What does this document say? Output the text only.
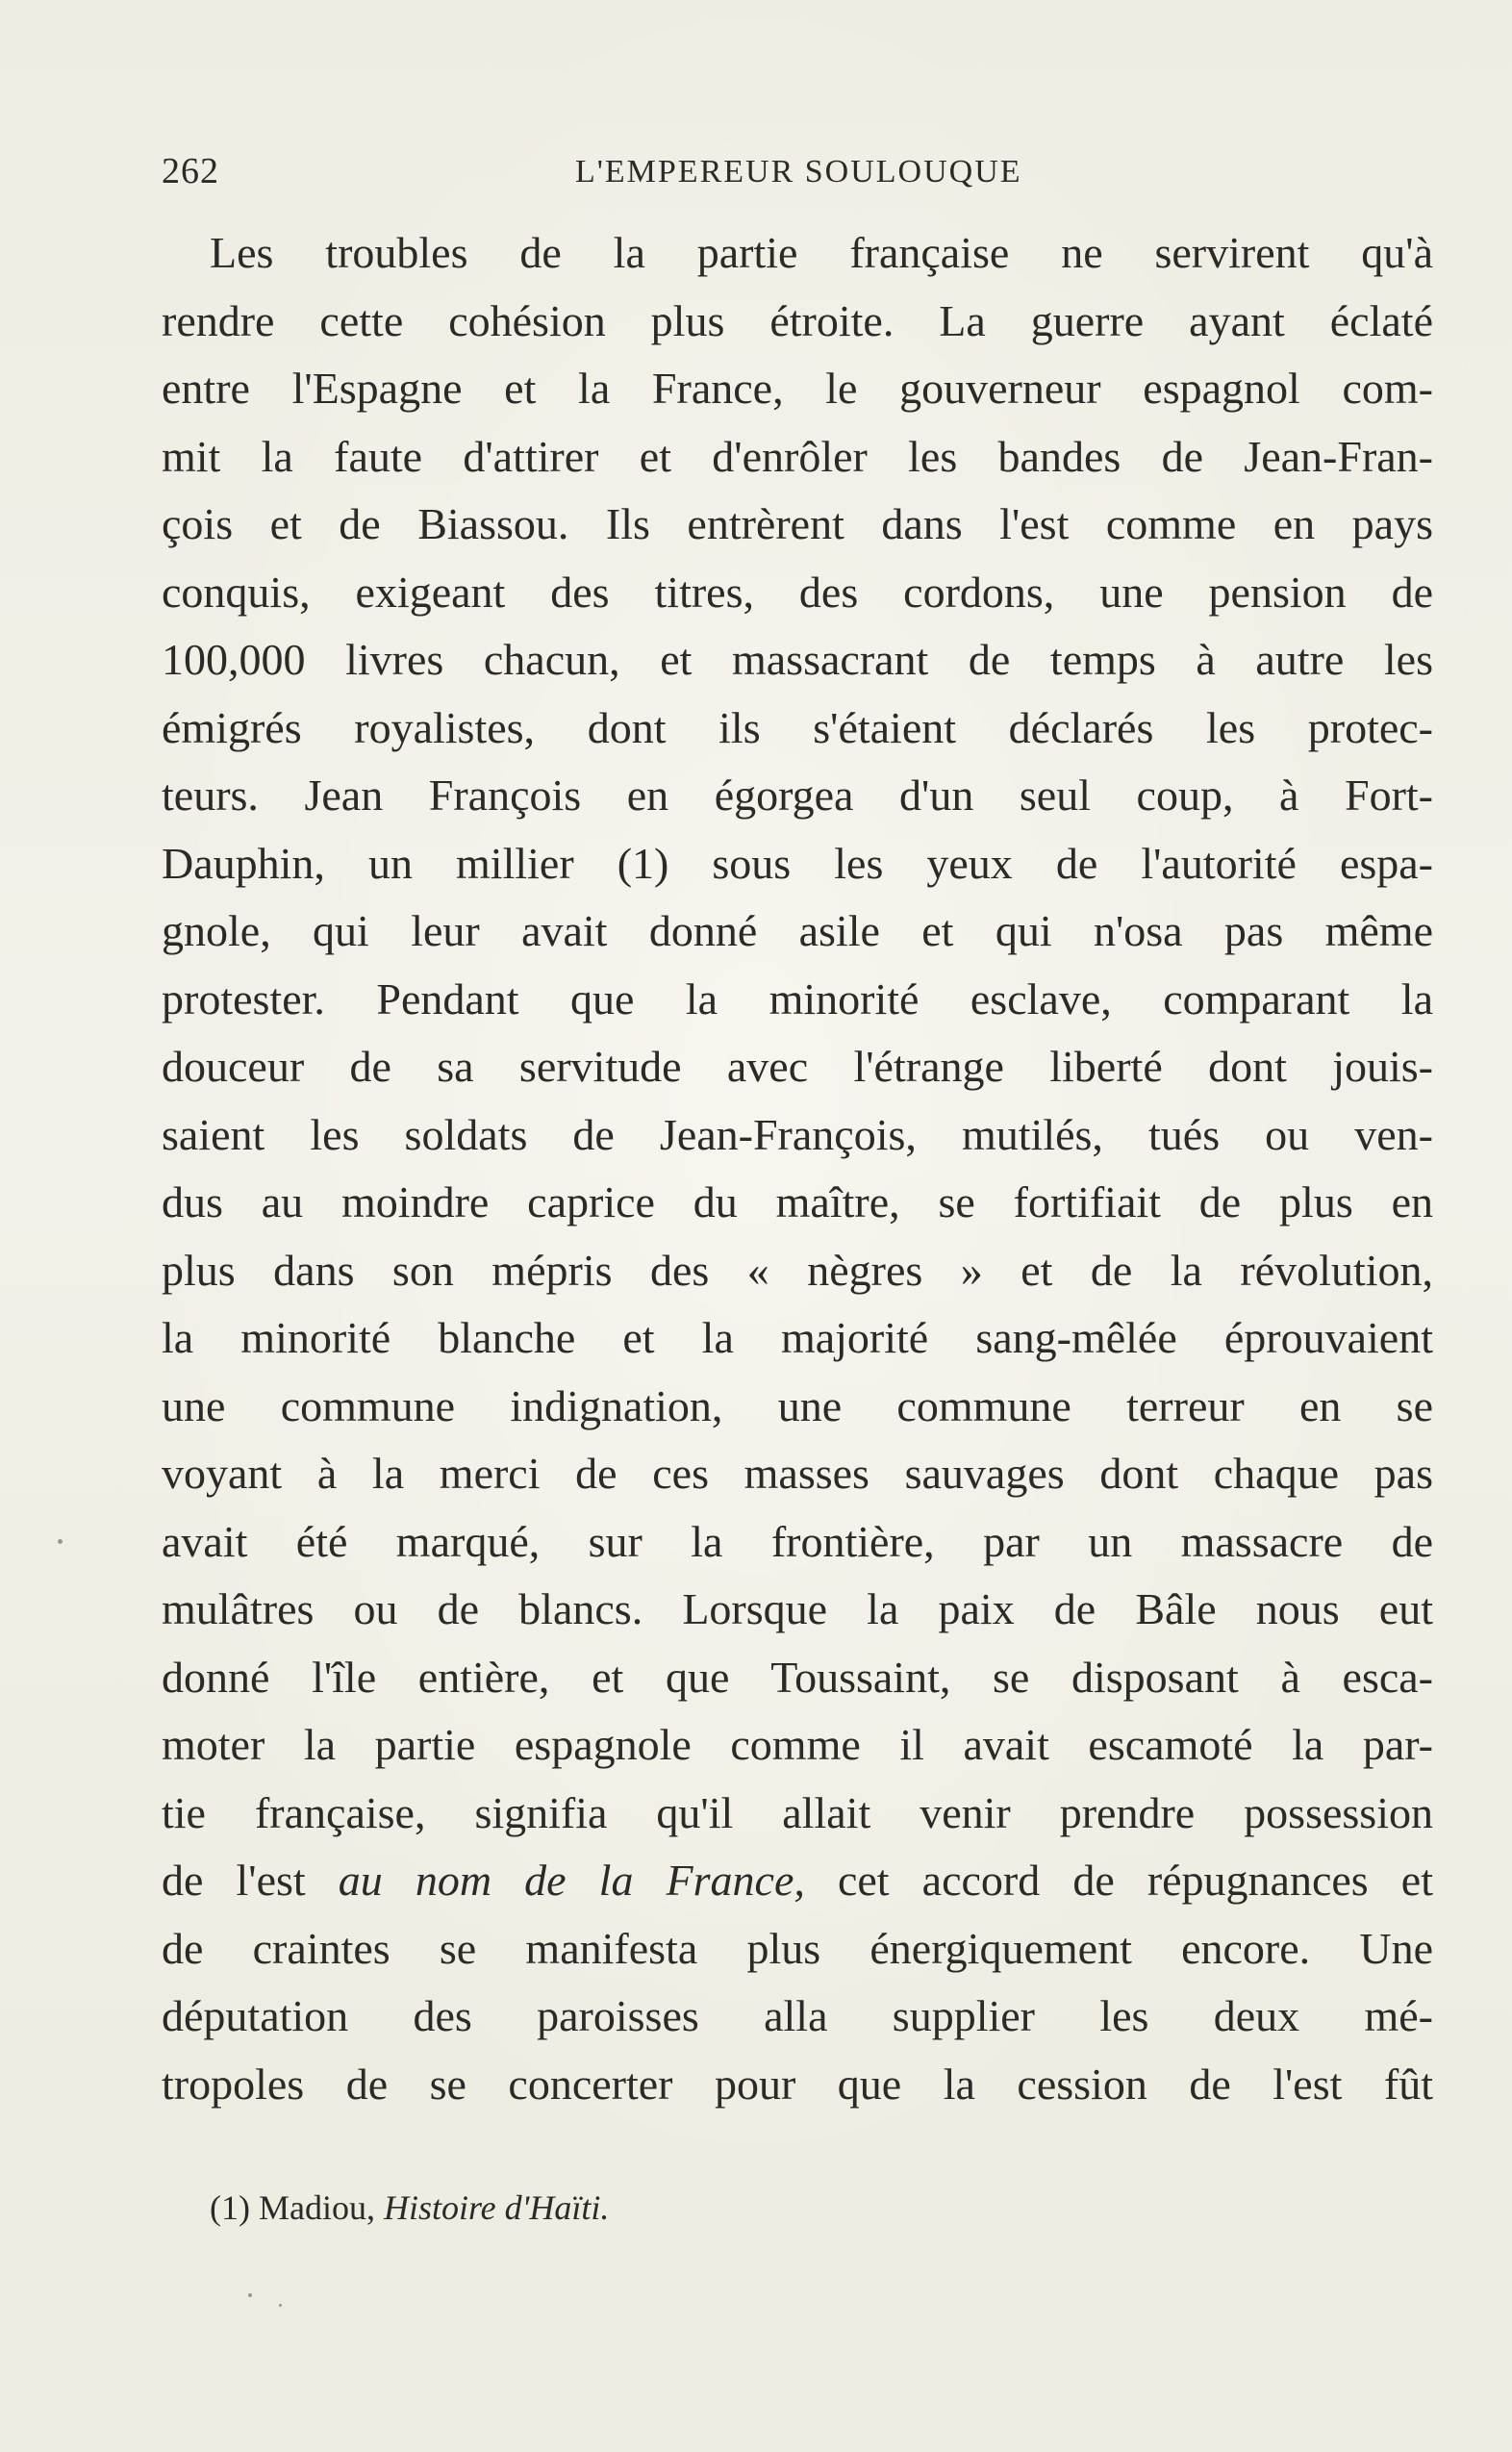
262	L'EMPEREUR SOULOUQUE
Les troubles de la partie française ne servirent qu'à
rendre cette cohésion plus étroite. La guerre ayant éclaté
entre l'Espagne et la France, le gouverneur espagnol com-
mit la faute d'attirer et d'enrôler les bandes de Jean-Fran-
çois et de Biassou. Ils entrèrent dans l'est comme en pays
conquis, exigeant des titres, des cordons, une pension de
100,000 livres chacun, et massacrant de temps à autre les
émigrés royalistes, dont ils s'étaient déclarés les protec-
teurs. Jean François en égorgea d'un seul coup, à Fort-
Dauphin, un millier (1) sous les yeux de l'autorité espa-
gnole, qui leur avait donné asile et qui n'osa pas même
protester. Pendant que la minorité esclave, comparant la
douceur de sa servitude avec l'étrange liberté dont jouis-
saient les soldats de Jean-François, mutilés, tués ou ven-
dus au moindre caprice du maître, se fortifiait de plus en
plus dans son mépris des « nègres » et de la révolution,
la minorité blanche et la majorité sang-mêlée éprouvaient
une commune indignation, une commune terreur en se
voyant à la merci de ces masses sauvages dont chaque pas
avait été marqué, sur la frontière, par un massacre de
mulâtres ou de blancs. Lorsque la paix de Bâle nous eut
donné l'île entière, et que Toussaint, se disposant à esca-
moter la partie espagnole comme il avait escamoté la par-
tie française, signifia qu'il allait venir prendre possession
de l'est au nom de la France, cet accord de répugnances et
de craintes se manifesta plus énergiquement encore. Une
députation des paroisses alla supplier les deux mé-
tropoles de se concerter pour que la cession de l'est fût
(1) Madiou, Histoire d'Haïti.
